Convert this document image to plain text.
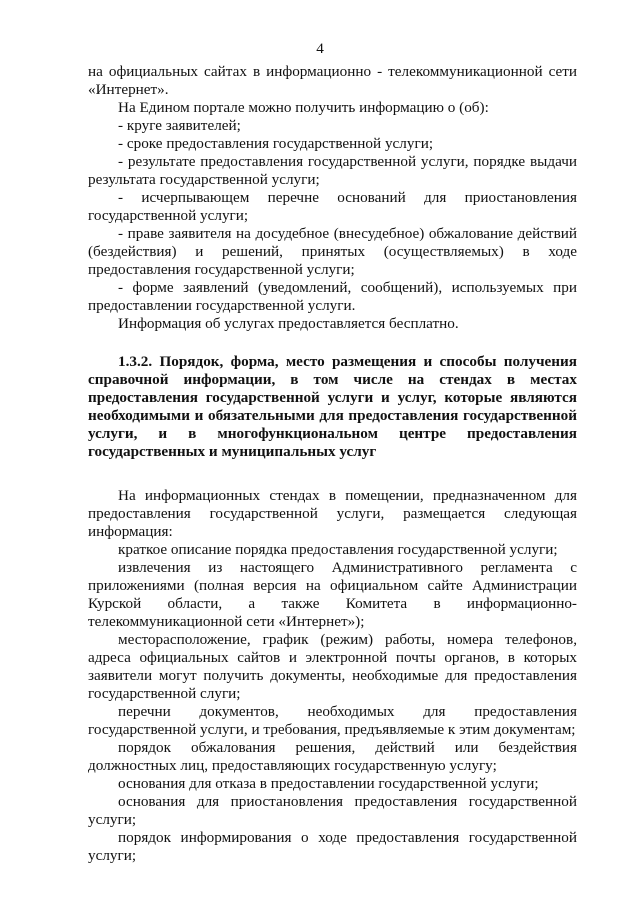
4

на официальных сайтах в информационно - телекоммуникационной сети «Интернет».

На Едином портале можно получить информацию о (об):

- круге заявителей;

- сроке предоставления государственной услуги;

- результате предоставления государственной услуги, порядке выдачи результата государственной услуги;

- исчерпывающем перечне оснований для приостановления государственной услуги;

- праве заявителя на досудебное (внесудебное) обжалование действий (бездействия) и решений, принятых (осуществляемых) в ходе предоставления государственной услуги;

- форме заявлений (уведомлений, сообщений), используемых при предоставлении государственной услуги.

Информация об услугах предоставляется бесплатно.

1.3.2. Порядок, форма, место размещения и способы получения справочной информации, в том числе на стендах в местах предоставления государственной услуги и услуг, которые являются необходимыми и обязательными для предоставления государственной услуги, и в многофункциональном центре предоставления государственных и муниципальных услуг

На информационных стендах в помещении, предназначенном для предоставления государственной услуги, размещается следующая информация:

краткое описание порядка предоставления государственной услуги;

извлечения из настоящего Административного регламента с приложениями (полная версия на официальном сайте Администрации Курской области, а также Комитета в информационно-телекоммуникационной сети «Интернет»);

месторасположение, график (режим) работы, номера телефонов, адреса официальных сайтов и электронной почты органов, в которых заявители могут получить документы, необходимые для предоставления государственной слуги;

перечни документов, необходимых для предоставления государственной услуги, и требования, предъявляемые к этим документам;

порядок обжалования решения, действий или бездействия должностных лиц, предоставляющих государственную услугу;

основания для отказа в предоставлении государственной услуги;

основания для приостановления предоставления государственной услуги;

порядок информирования о ходе предоставления государственной услуги;
